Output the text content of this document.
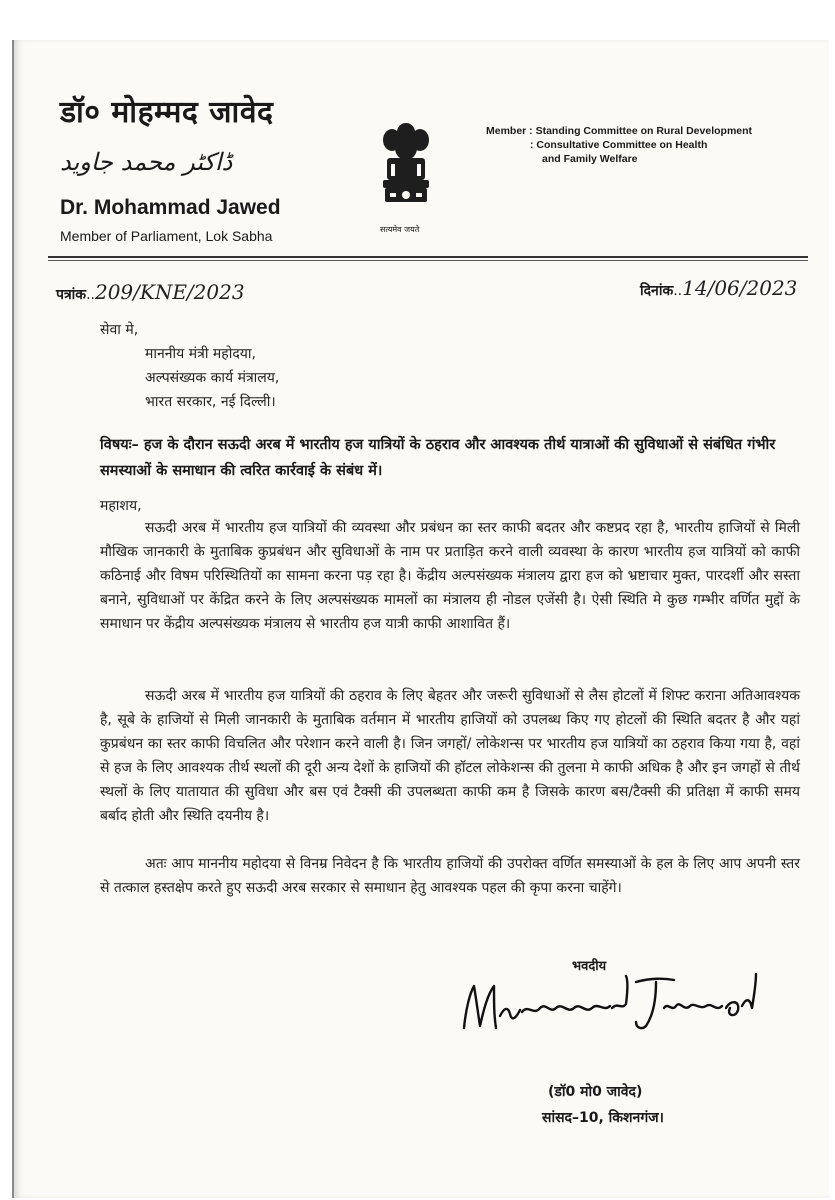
डॉ० मोहम्मद जावेद
ڈاکٹر محمد جاوید
Dr. Mohammad Jawed
Member of Parliament, Lok Sabha	सत्यमेव जयते
Member : Standing Committee on Rural Development
: Consultative Committee on Health
and Family Welfare
पत्रांक..209/KNE/2023	दिनांक..14/06/2023
सेवा मे,
माननीय मंत्री महोदया,
अल्पसंख्यक कार्य मंत्रालय,
भारत सरकार, नई दिल्ली।
विषयः– हज के दौरान सऊदी अरब में भारतीय हज यात्रियों के ठहराव और आवश्यक तीर्थ यात्राओं की सुविधाओं से संबंधित गंभीर समस्याओं के समाधान की त्वरित कार्रवाई के संबंध में।
महाशय,
सऊदी अरब में भारतीय हज यात्रियों की व्यवस्था और प्रबंधन का स्तर काफी बदतर और कष्टप्रद रहा है, भारतीय हाजियों से मिली मौखिक जानकारी के मुताबिक कुप्रबंधन और सुविधाओं के नाम पर प्रताड़ित करने वाली व्यवस्था के कारण भारतीय हज यात्रियों को काफी कठिनाई और विषम परिस्थितियों का सामना करना पड़ रहा है। केंद्रीय अल्पसंख्यक मंत्रालय द्वारा हज को भ्रष्टाचार मुक्त, पारदर्शी और सस्ता बनाने, सुविधाओं पर केंद्रित करने के लिए अल्पसंख्यक मामलों का मंत्रालय ही नोडल एजेंसी है। ऐसी स्थिति मे कुछ गम्भीर वर्णित मुद्दों के समाधान पर केंद्रीय अल्पसंख्यक मंत्रालय से भारतीय हज यात्री काफी आशावित हैं।
सऊदी अरब में भारतीय हज यात्रियों की ठहराव के लिए बेहतर और जरूरी सुविधाओं से लैस होटलों में शिफ्ट कराना अतिआवश्यक है, सूबे के हाजियों से मिली जानकारी के मुताबिक वर्तमान में भारतीय हाजियों को उपलब्ध किए गए होटलों की स्थिति बदतर है और यहां कुप्रबंधन का स्तर काफी विचलित और परेशान करने वाली है। जिन जगहों/ लोकेशन्स पर भारतीय हज यात्रियों का ठहराव किया गया है, वहां से हज के लिए आवश्यक तीर्थ स्थलों की दूरी अन्य देशों के हाजियों की हॉटल लोकेशन्स की तुलना मे काफी अधिक है और इन जगहों से तीर्थ स्थलों के लिए यातायात की सुविधा और बस एवं टैक्सी की उपलब्धता काफी कम है जिसके कारण बस/टैक्सी की प्रतिक्षा में काफी समय बर्बाद होती और स्थिति दयनीय है।
अतः आप माननीय महोदया से विनम्र निवेदन है कि भारतीय हाजियों की उपरोक्त वर्णित समस्याओं के हल के लिए आप अपनी स्तर से तत्काल हस्तक्षेप करते हुए सऊदी अरब सरकार से समाधान हेतु आवश्यक पहल की कृपा करना चाहेंगे।
भवदीय
(डॉ0 मो0 जावेद)
सांसद–10, किशनगंज।
